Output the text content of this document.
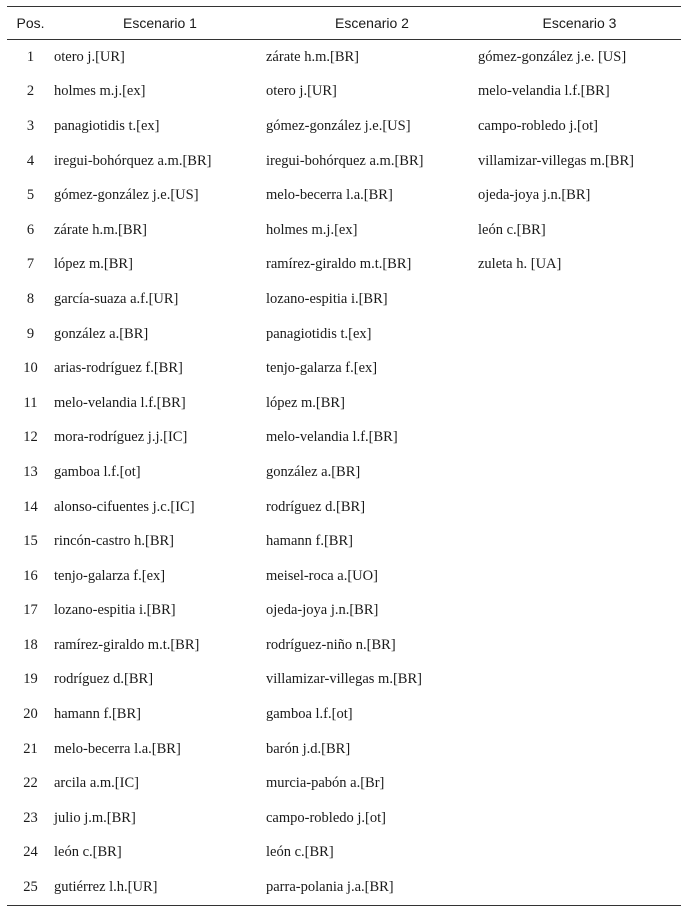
Pos.	Escenario 1	Escenario 2	Escenario 3
1	otero j.[UR]	zárate h.m.[BR]	gómez-gonzález j.e. [US]
2	holmes m.j.[ex]	otero j.[UR]	melo-velandia l.f.[BR]
3	panagiotidis t.[ex]	gómez-gonzález j.e.[US]	campo-robledo j.[ot]
4	iregui-bohórquez a.m.[BR]	iregui-bohórquez a.m.[BR]	villamizar-villegas m.[BR]
5	gómez-gonzález j.e.[US]	melo-becerra l.a.[BR]	ojeda-joya j.n.[BR]
6	zárate h.m.[BR]	holmes m.j.[ex]	león c.[BR]
7	lópez m.[BR]	ramírez-giraldo m.t.[BR]	zuleta h. [UA]
8	garcía-suaza a.f.[UR]	lozano-espitia i.[BR]	
9	gonzález a.[BR]	panagiotidis t.[ex]	
10	arias-rodríguez f.[BR]	tenjo-galarza f.[ex]	
11	melo-velandia l.f.[BR]	lópez m.[BR]	
12	mora-rodríguez j.j.[IC]	melo-velandia l.f.[BR]	
13	gamboa l.f.[ot]	gonzález a.[BR]	
14	alonso-cifuentes j.c.[IC]	rodríguez d.[BR]	
15	rincón-castro h.[BR]	hamann f.[BR]	
16	tenjo-galarza f.[ex]	meisel-roca a.[UO]	
17	lozano-espitia i.[BR]	ojeda-joya j.n.[BR]	
18	ramírez-giraldo m.t.[BR]	rodríguez-niño n.[BR]	
19	rodríguez d.[BR]	villamizar-villegas m.[BR]	
20	hamann f.[BR]	gamboa l.f.[ot]	
21	melo-becerra l.a.[BR]	barón j.d.[BR]	
22	arcila a.m.[IC]	murcia-pabón a.[Br]	
23	julio j.m.[BR]	campo-robledo j.[ot]	
24	león c.[BR]	león c.[BR]	
25	gutiérrez l.h.[UR]	parra-polania j.a.[BR]	
